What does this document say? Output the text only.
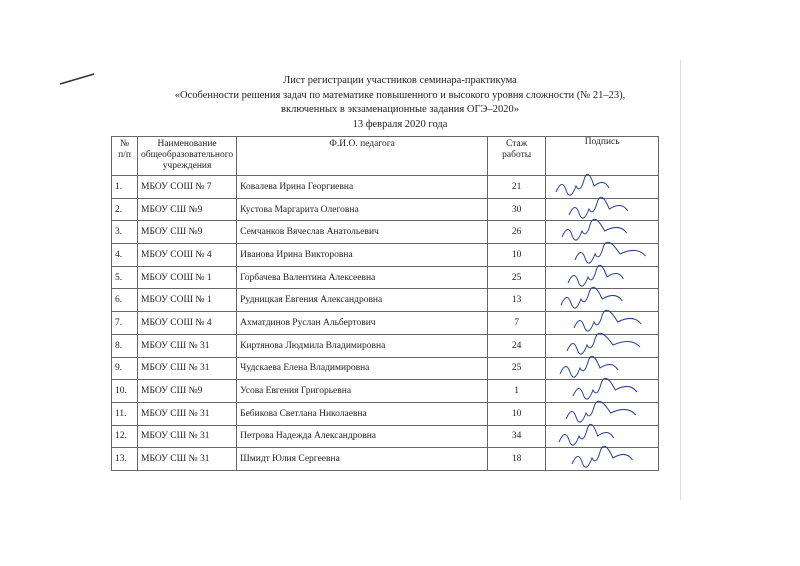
Лист регистрации участников семинара-практикума
«Особенности решения задач по математике повышенного и высокого уровня сложности (№ 21–23),
включенных в экзаменационные задания ОГЭ–2020»
13 февраля 2020 года
№ п/п	Наименование общеобразовательного учреждения	Ф.И.О. педагога	Стаж работы	Подпись
1.	МБОУ СОШ № 7	Ковалева Ирина Георгиевна	21	

2.	МБОУ СШ №9	Кустова Маргарита Олеговна	30	

3.	МБОУ СШ №9	Семчанков Вячеслав Анатольевич	26	

4.	МБОУ СОШ № 4	Иванова Ирина Викторовна	10	

5.	МБОУ СОШ № 1	Горбачева Валентина Алексеевна	25	

6.	МБОУ СОШ № 1	Рудницкая Евгения Александровна	13	

7.	МБОУ СОШ № 4	Ахматдинов Руслан Альбертович	7	

8.	МБОУ СШ № 31	Киртянова Людмила Владимировна	24	

9.	МБОУ СШ № 31	Чудскаева Елена Владимировна	25	

10.	МБОУ СШ №9	Усова Евгения Григорьевна	1	

11.	МБОУ СШ № 31	Бебикова Светлана Николаевна	10	

12.	МБОУ СШ № 31	Петрова Надежда Александровна	34	

13.	МБОУ СШ № 31	Шмидт Юлия Сергеевна	18	
